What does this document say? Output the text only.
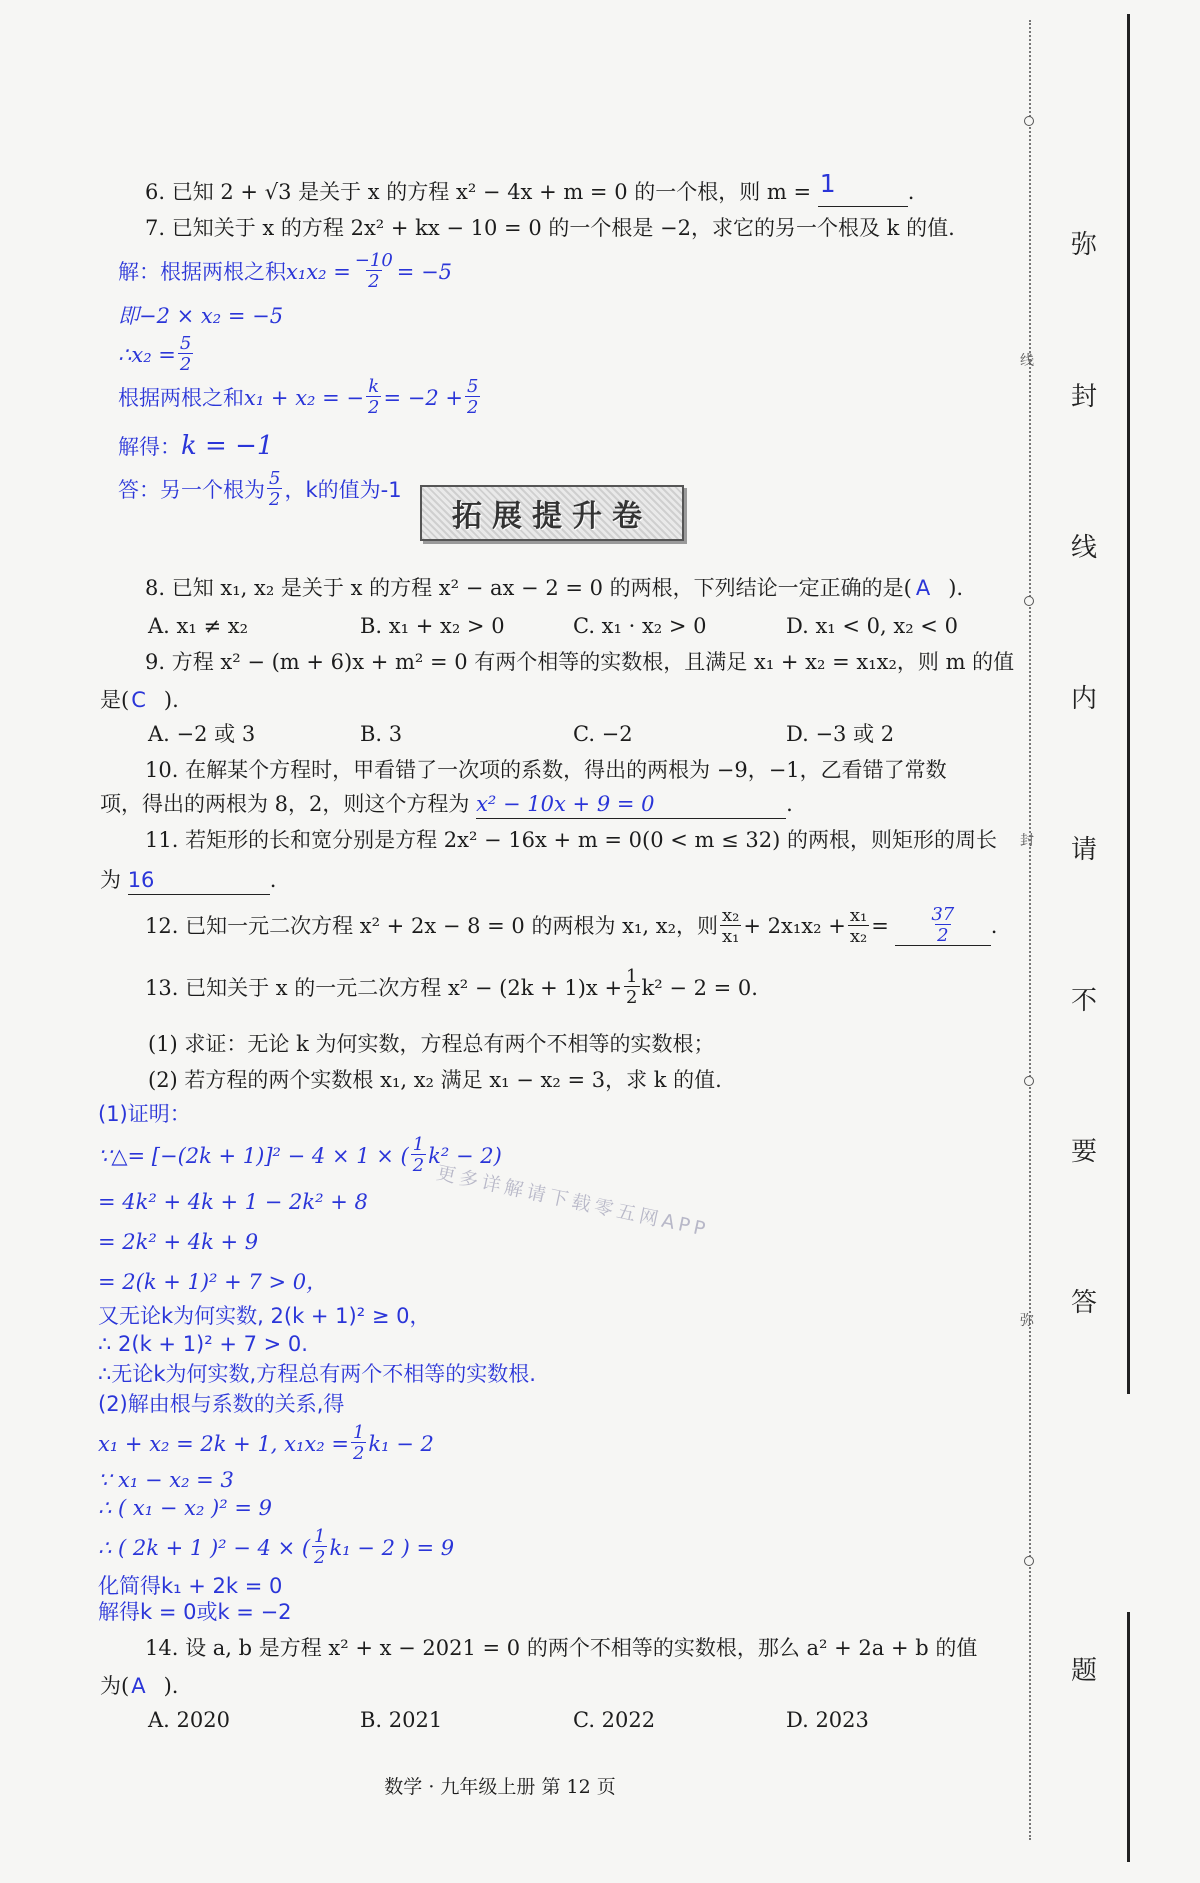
6. 已知 2 + √3 是关于 x 的方程 x² − 4x + m = 0 的一个根，则 m = 1	.
7. 已知关于 x 的方程 2x² + kx − 10 = 0 的一个根是 −2，求它的另一个根及 k 的值.
解：根据两根之积 $x_1x_2 = \frac{-10}{2} = -5$
即−2 × x₂ = −5
∴x₂ = $\frac{5}{2}$
根据两根之和 x₁ + x₂ = − $\frac{k}{2} = -2 + \frac{5}{2}$
解得：k = −1
答：另一个根为 $\frac{5}{2}$ ，k的值为-1
拓展提升卷
8. 已知 x₁, x₂ 是关于 x 的方程 x² − ax − 2 = 0 的两根，下列结论一定正确的是( A ).
A. x₁ ≠ x₂	B. x₁ + x₂ > 0	C. x₁ · x₂ > 0	D. x₁ < 0, x₂ < 0
9. 方程 x² − (m + 6)x + m² = 0 有两个相等的实数根，且满足 x₁ + x₂ = x₁x₂，则 m 的值
是(C ).
A. −2 或 3	B. 3	C. −2	D. −3 或 2
10. 在解某个方程时，甲看错了一次项的系数，得出的两根为 −9，−1，乙看错了常数
项，得出的两根为 8，2，则这个方程为 x² − 10x + 9 = 0	.
11. 若矩形的长和宽分别是方程 2x² − 16x + m = 0(0 < m ≤ 32) 的两根，则矩形的周长
为 16	.
12. 已知一元二次方程 x² + 2x − 8 = 0 的两根为 x₁, x₂，则 $\frac{\text{x₂}}{\text{x₁}} + 2x_1x_2 + \frac{\text{x₁}}{\text{x₂}} = \frac{37}{2}$ .
13. 已知关于 x 的一元二次方程 $x^2 - (2k + 1)x + \frac{1}{2} k^2 - 2 = 0$.
(1) 求证：无论 k 为何实数，方程总有两个不相等的实数根；
(2) 若方程的两个实数根 x₁, x₂ 满足 x₁ − x₂ = 3，求 k 的值.
(1)证明：
∵△= [−(2k + 1)]² − 4 × 1 × ( $\frac{1}{2} k^2 - 2$)
= 4k² + 4k + 1 − 2k² + 8
= 2k² + 4k + 9
= 2(k + 1)² + 7 > 0，
又无论k为何实数, 2(k + 1)² ≥ 0，
∴ 2(k + 1)² + 7 > 0.
∴无论k为何实数,方程总有两个不相等的实数根.
(2)解由根与系数的关系,得
x₁ + x₂ = 2k + 1, $x_1x_2 = \frac{1}{2} k_1 - 2$
∵ x₁ − x₂ = 3
∴ ( x₁ − x₂ )² = 9
∴ ( 2k + 1 )² − 4 × ( $\frac{1}{2} k_1 - 2$ ) = 9
化简得k₁ + 2k = 0
解得k = 0或k = −2
更多详解请下载零五网APP
14. 设 a, b 是方程 x² + x − 2021 = 0 的两个不相等的实数根，那么 a² + 2a + b 的值
为(A ).
A. 2020	B. 2021	C. 2022	D. 2023
数学 · 九年级上册 第 12 页
线
封
弥
弥
封
线
内
请
不
要
答
题
